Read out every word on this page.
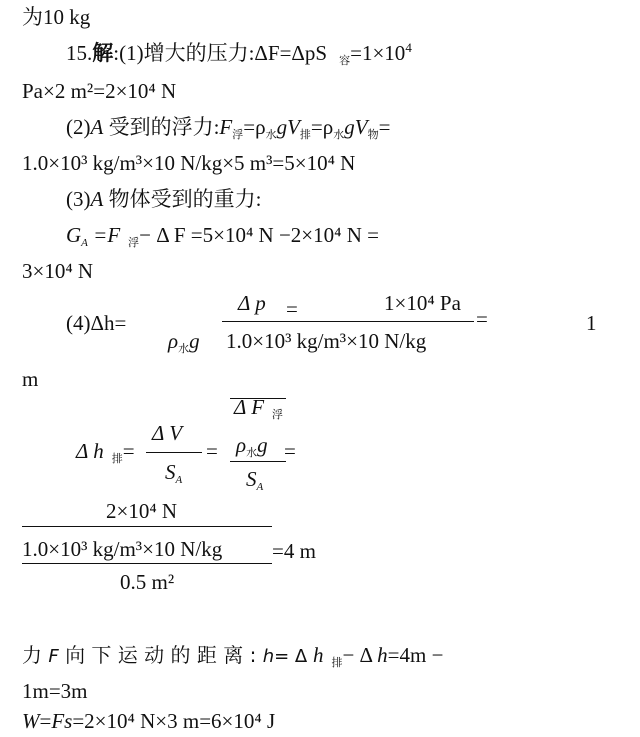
为10 kg
15.解:(1)增大的压力:ΔF=ΔpS $_容=1\times 10^4$
Pa×2 m²=2×10⁴ N
(2)A 受到的浮力$:F_浮=\rho_水gV_排=\rho_水gV_物=$
1.0×10³ kg/m³×10 N/kg×5 m³=5×10⁴ N
(3)A 物体受到的重力:
$G_A =F$ $_浮$− Δ F =5×10⁴ N −2×10⁴ N =
3×10⁴ N
(4)Δh=
Δ p =
$\rho_水g$
1×10⁴ Pa
1.0×10³ kg/m³×10 N/kg
=	1
m
Δ h $_排$=
Δ V
$S_A$
=
Δ F $_浮$
$\rho_水g$
$S_A$
=
2×10⁴ N
1.0×10³ kg/m³×10 N/kg
0.5 m²
=4 m
力 F 向 下 运 动 的 距 离 : h= Δ h $_排$− Δ h=4m −
1m=3m
W=Fs=2×10⁴ N×3 m=6×10⁴ J
